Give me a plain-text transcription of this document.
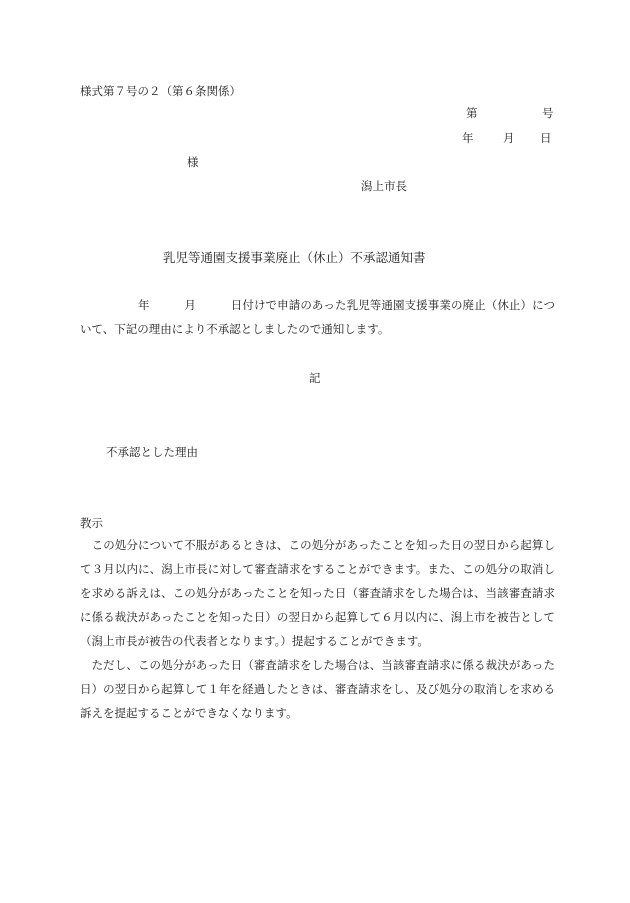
様式第７号の２（第６条関係）
第	号
年	月 日
様
潟上市長
乳児等通園支援事業廃止（休止）不承認通知書

　　　　　年　　　月　　　日付けで申請のあった乳児等通園支援事業の廃止（休止）について、下記の理由により不承認としましたので通知します。

記
不承認とした理由
教示

　この処分について不服があるときは、この処分があったことを知った日の翌日から起算して３月以内に、潟上市長に対して審査請求をすることができます。また、この処分の取消しを求める訴えは、この処分があったことを知った日（審査請求をした場合は、当該審査請求に係る裁決があったことを知った日）の翌日から起算して６月以内に、潟上市を被告として（潟上市長が被告の代表者となります。）提起することができます。

　ただし、この処分があった日（審査請求をした場合は、当該審査請求に係る裁決があった日）の翌日から起算して１年を経過したときは、審査請求をし、及び処分の取消しを求める訴えを提起することができなくなります。
